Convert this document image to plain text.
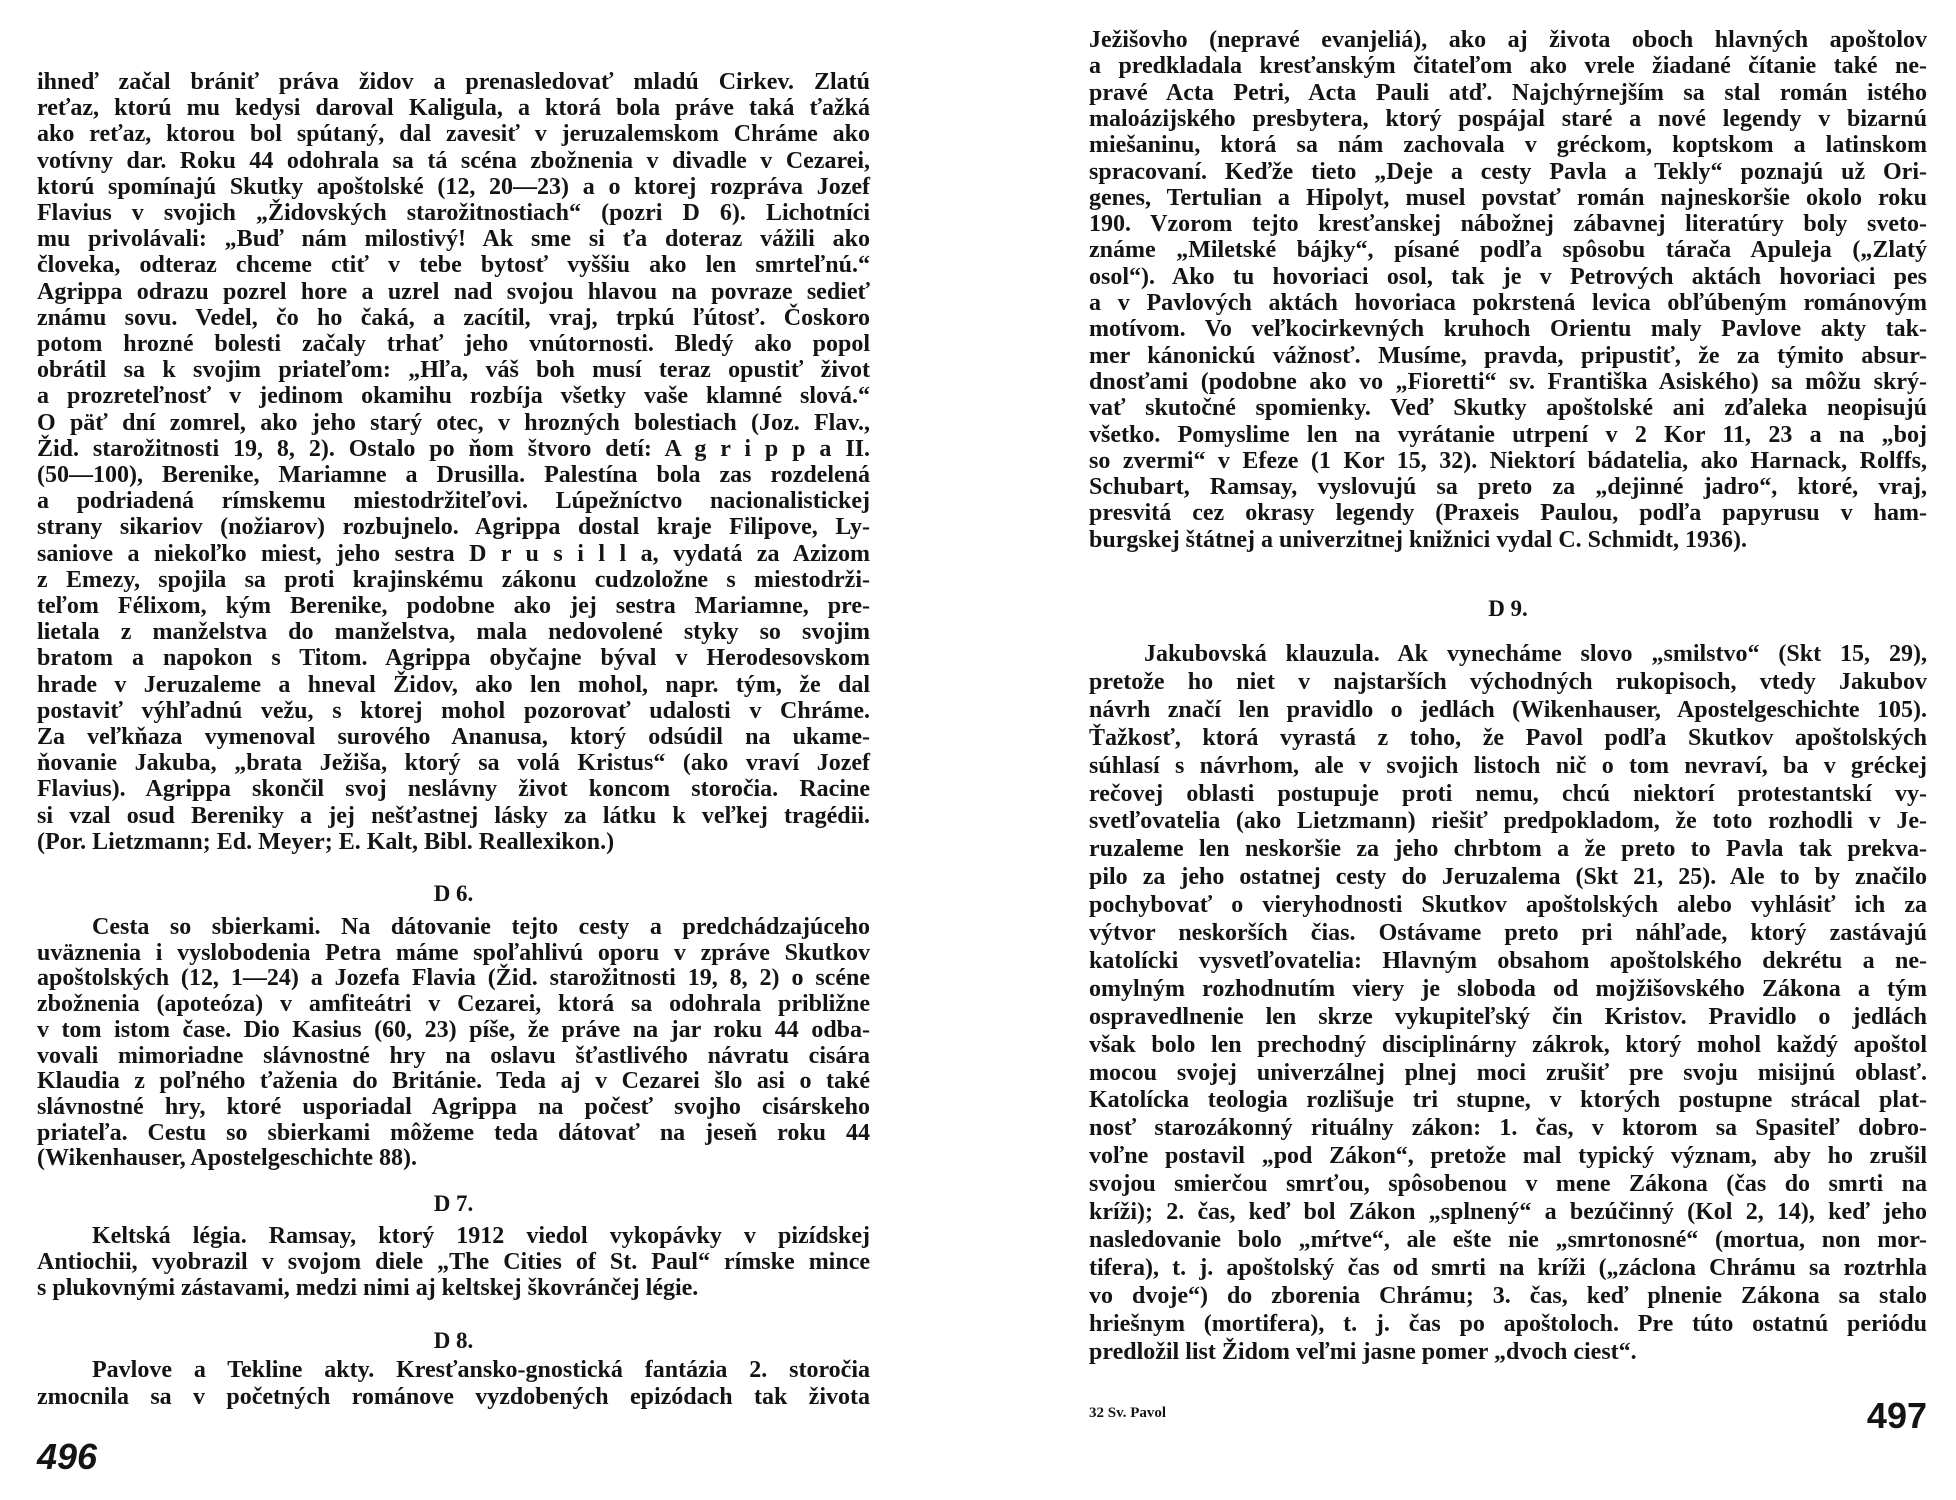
496
ihneď začal brániť práva židov a prenasledovať mladú Cirkev. Zlatú
reťaz, ktorú mu kedysi daroval Kaligula, a ktorá bola práve taká ťažká
ako reťaz, ktorou bol spútaný, dal zavesiť v jeruzalemskom Chráme ako
votívny dar. Roku 44 odohrala sa tá scéna zbožnenia v divadle v Cezarei,
ktorú spomínajú Skutky apoštolské (12, 20—23) a o ktorej rozpráva Jozef
Flavius v svojich „Židovských starožitnostiach“ (pozri D 6). Lichotníci
mu privolávali: „Buď nám milostivý! Ak sme si ťa doteraz vážili ako
človeka, odteraz chceme ctiť v tebe bytosť vyššiu ako len smrteľnú.“
Agrippa odrazu pozrel hore a uzrel nad svojou hlavou na povraze sedieť
známu sovu. Vedel, čo ho čaká, a zacítil, vraj, trpkú ľútosť. Čoskoro
potom hrozné bolesti začaly trhať jeho vnútornosti. Bledý ako popol
obrátil sa k svojim priateľom: „Hľa, váš boh musí teraz opustiť život
a prozreteľnosť v jedinom okamihu rozbíja všetky vaše klamné slová.“
O päť dní zomrel, ako jeho starý otec, v hrozných bolestiach (Joz. Flav.,
Žid. starožitnosti 19, 8, 2). Ostalo po ňom štvoro detí: A g r i p p a II.
(50—100), Berenike, Mariamne a Drusilla. Palestína bola zas rozdelená
a podriadená rímskemu miestodržiteľovi. Lúpežníctvo nacionalistickej
strany sikariov (nožiarov) rozbujnelo. Agrippa dostal kraje Filipove, Ly-
saniove a niekoľko miest, jeho sestra D r u s i l l a, vydatá za Azizom
z Emezy, spojila sa proti krajinskému zákonu cudzoložne s miestodrži-
teľom Félixom, kým Berenike, podobne ako jej sestra Mariamne, pre-
lietala z manželstva do manželstva, mala nedovolené styky so svojim
bratom a napokon s Titom. Agrippa obyčajne býval v Herodesovskom
hrade v Jeruzaleme a hneval Židov, ako len mohol, napr. tým, že dal
postaviť výhľadnú vežu, s ktorej mohol pozorovať udalosti v Chráme.
Za veľkňaza vymenoval surového Ananusa, ktorý odsúdil na ukame-
ňovanie Jakuba, „brata Ježiša, ktorý sa volá Kristus“ (ako vraví Jozef
Flavius). Agrippa skončil svoj neslávny život koncom storočia. Racine
si vzal osud Bereniky a jej nešťastnej lásky za látku k veľkej tragédii.
(Por. Lietzmann; Ed. Meyer; E. Kalt, Bibl. Reallexikon.)
D 6.
Cesta so sbierkami. Na dátovanie tejto cesty a predchádzajúceho
uväznenia i vyslobodenia Petra máme spoľahlivú oporu v zpráve Skutkov
apoštolských (12, 1—24) a Jozefa Flavia (Žid. starožitnosti 19, 8, 2) o scéne
zbožnenia (apoteóza) v amfiteátri v Cezarei, ktorá sa odohrala približne
v tom istom čase. Dio Kasius (60, 23) píše, že práve na jar roku 44 odba-
vovali mimoriadne slávnostné hry na oslavu šťastlivého návratu cisára
Klaudia z poľného ťaženia do Británie. Teda aj v Cezarei šlo asi o také
slávnostné hry, ktoré usporiadal Agrippa na počesť svojho cisárskeho
priateľa. Cestu so sbierkami môžeme teda dátovať na jeseň roku 44
(Wikenhauser, Apostelgeschichte 88).
D 7.
Keltská légia. Ramsay, ktorý 1912 viedol vykopávky v pizídskej
Antiochii, vyobrazil v svojom diele „The Cities of St. Paul“ rímske mince
s plukovnými zástavami, medzi nimi aj keltskej škovránčej légie.
D 8.
Pavlove a Tekline akty. Kresťansko-gnostická fantázia 2. storočia
zmocnila sa v početných románove vyzdobených epizódach tak života
32 Sv. Pavol	497
Ježišovho (nepravé evanjeliá), ako aj života oboch hlavných apoštolov
a predkladala kresťanským čitateľom ako vrele žiadané čítanie také ne-
pravé Acta Petri, Acta Pauli atď. Najchýrnejším sa stal román istého
maloázijského presbytera, ktorý pospájal staré a nové legendy v bizarnú
miešaninu, ktorá sa nám zachovala v gréckom, koptskom a latinskom
spracovaní. Keďže tieto „Deje a cesty Pavla a Tekly“ poznajú už Ori-
genes, Tertulian a Hipolyt, musel povstať román najneskoršie okolo roku
190. Vzorom tejto kresťanskej nábožnej zábavnej literatúry boly sveto-
známe „Miletské bájky“, písané podľa spôsobu tárača Apuleja („Zlatý
osol“). Ako tu hovoriaci osol, tak je v Petrových aktách hovoriaci pes
a v Pavlových aktách hovoriaca pokrstená levica obľúbeným románovým
motívom. Vo veľkocirkevných kruhoch Orientu maly Pavlove akty tak-
mer kánonickú vážnosť. Musíme, pravda, pripustiť, že za týmito absur-
dnosťami (podobne ako vo „Fioretti“ sv. Františka Asiského) sa môžu skrý-
vať skutočné spomienky. Veď Skutky apoštolské ani zďaleka neopisujú
všetko. Pomyslime len na vyrátanie utrpení v 2 Kor 11, 23 a na „boj
so zvermi“ v Efeze (1 Kor 15, 32). Niektorí bádatelia, ako Harnack, Rolffs,
Schubart, Ramsay, vyslovujú sa preto za „dejinné jadro“, ktoré, vraj,
presvitá cez okrasy legendy (Praxeis Paulou, podľa papyrusu v ham-
burgskej štátnej a univerzitnej knižnici vydal C. Schmidt, 1936).
D 9.
Jakubovská klauzula. Ak vynecháme slovo „smilstvo“ (Skt 15, 29),
pretože ho niet v najstarších východných rukopisoch, vtedy Jakubov
návrh značí len pravidlo o jedlách (Wikenhauser, Apostelgeschichte 105).
Ťažkosť, ktorá vyrastá z toho, že Pavol podľa Skutkov apoštolských
súhlasí s návrhom, ale v svojich listoch nič o tom nevraví, ba v gréckej
rečovej oblasti postupuje proti nemu, chcú niektorí protestantskí vy-
svetľovatelia (ako Lietzmann) riešiť predpokladom, že toto rozhodli v Je-
ruzaleme len neskoršie za jeho chrbtom a že preto to Pavla tak prekva-
pilo za jeho ostatnej cesty do Jeruzalema (Skt 21, 25). Ale to by značilo
pochybovať o vieryhodnosti Skutkov apoštolských alebo vyhlásiť ich za
výtvor neskorších čias. Ostávame preto pri náhľade, ktorý zastávajú
katolícki vysvetľovatelia: Hlavným obsahom apoštolského dekrétu a ne-
omylným rozhodnutím viery je sloboda od mojžišovského Zákona a tým
ospravedlnenie len skrze vykupiteľský čin Kristov. Pravidlo o jedlách
však bolo len prechodný disciplinárny zákrok, ktorý mohol každý apoštol
mocou svojej univerzálnej plnej moci zrušiť pre svoju misijnú oblasť.
Katolícka teologia rozlišuje tri stupne, v ktorých postupne strácal plat-
nosť starozákonný rituálny zákon: 1. čas, v ktorom sa Spasiteľ dobro-
voľne postavil „pod Zákon“, pretože mal typický význam, aby ho zrušil
svojou smierčou smrťou, spôsobenou v mene Zákona (čas do smrti na
kríži); 2. čas, keď bol Zákon „splnený“ a bezúčinný (Kol 2, 14), keď jeho
nasledovanie bolo „mŕtve“, ale ešte nie „smrtonosné“ (mortua, non mor-
tifera), t. j. apoštolský čas od smrti na kríži („záclona Chrámu sa roztrhla
vo dvoje“) do zborenia Chrámu; 3. čas, keď plnenie Zákona sa stalo
hriešnym (mortifera), t. j. čas po apoštoloch. Pre túto ostatnú periódu
predložil list Židom veľmi jasne pomer „dvoch ciest“.
